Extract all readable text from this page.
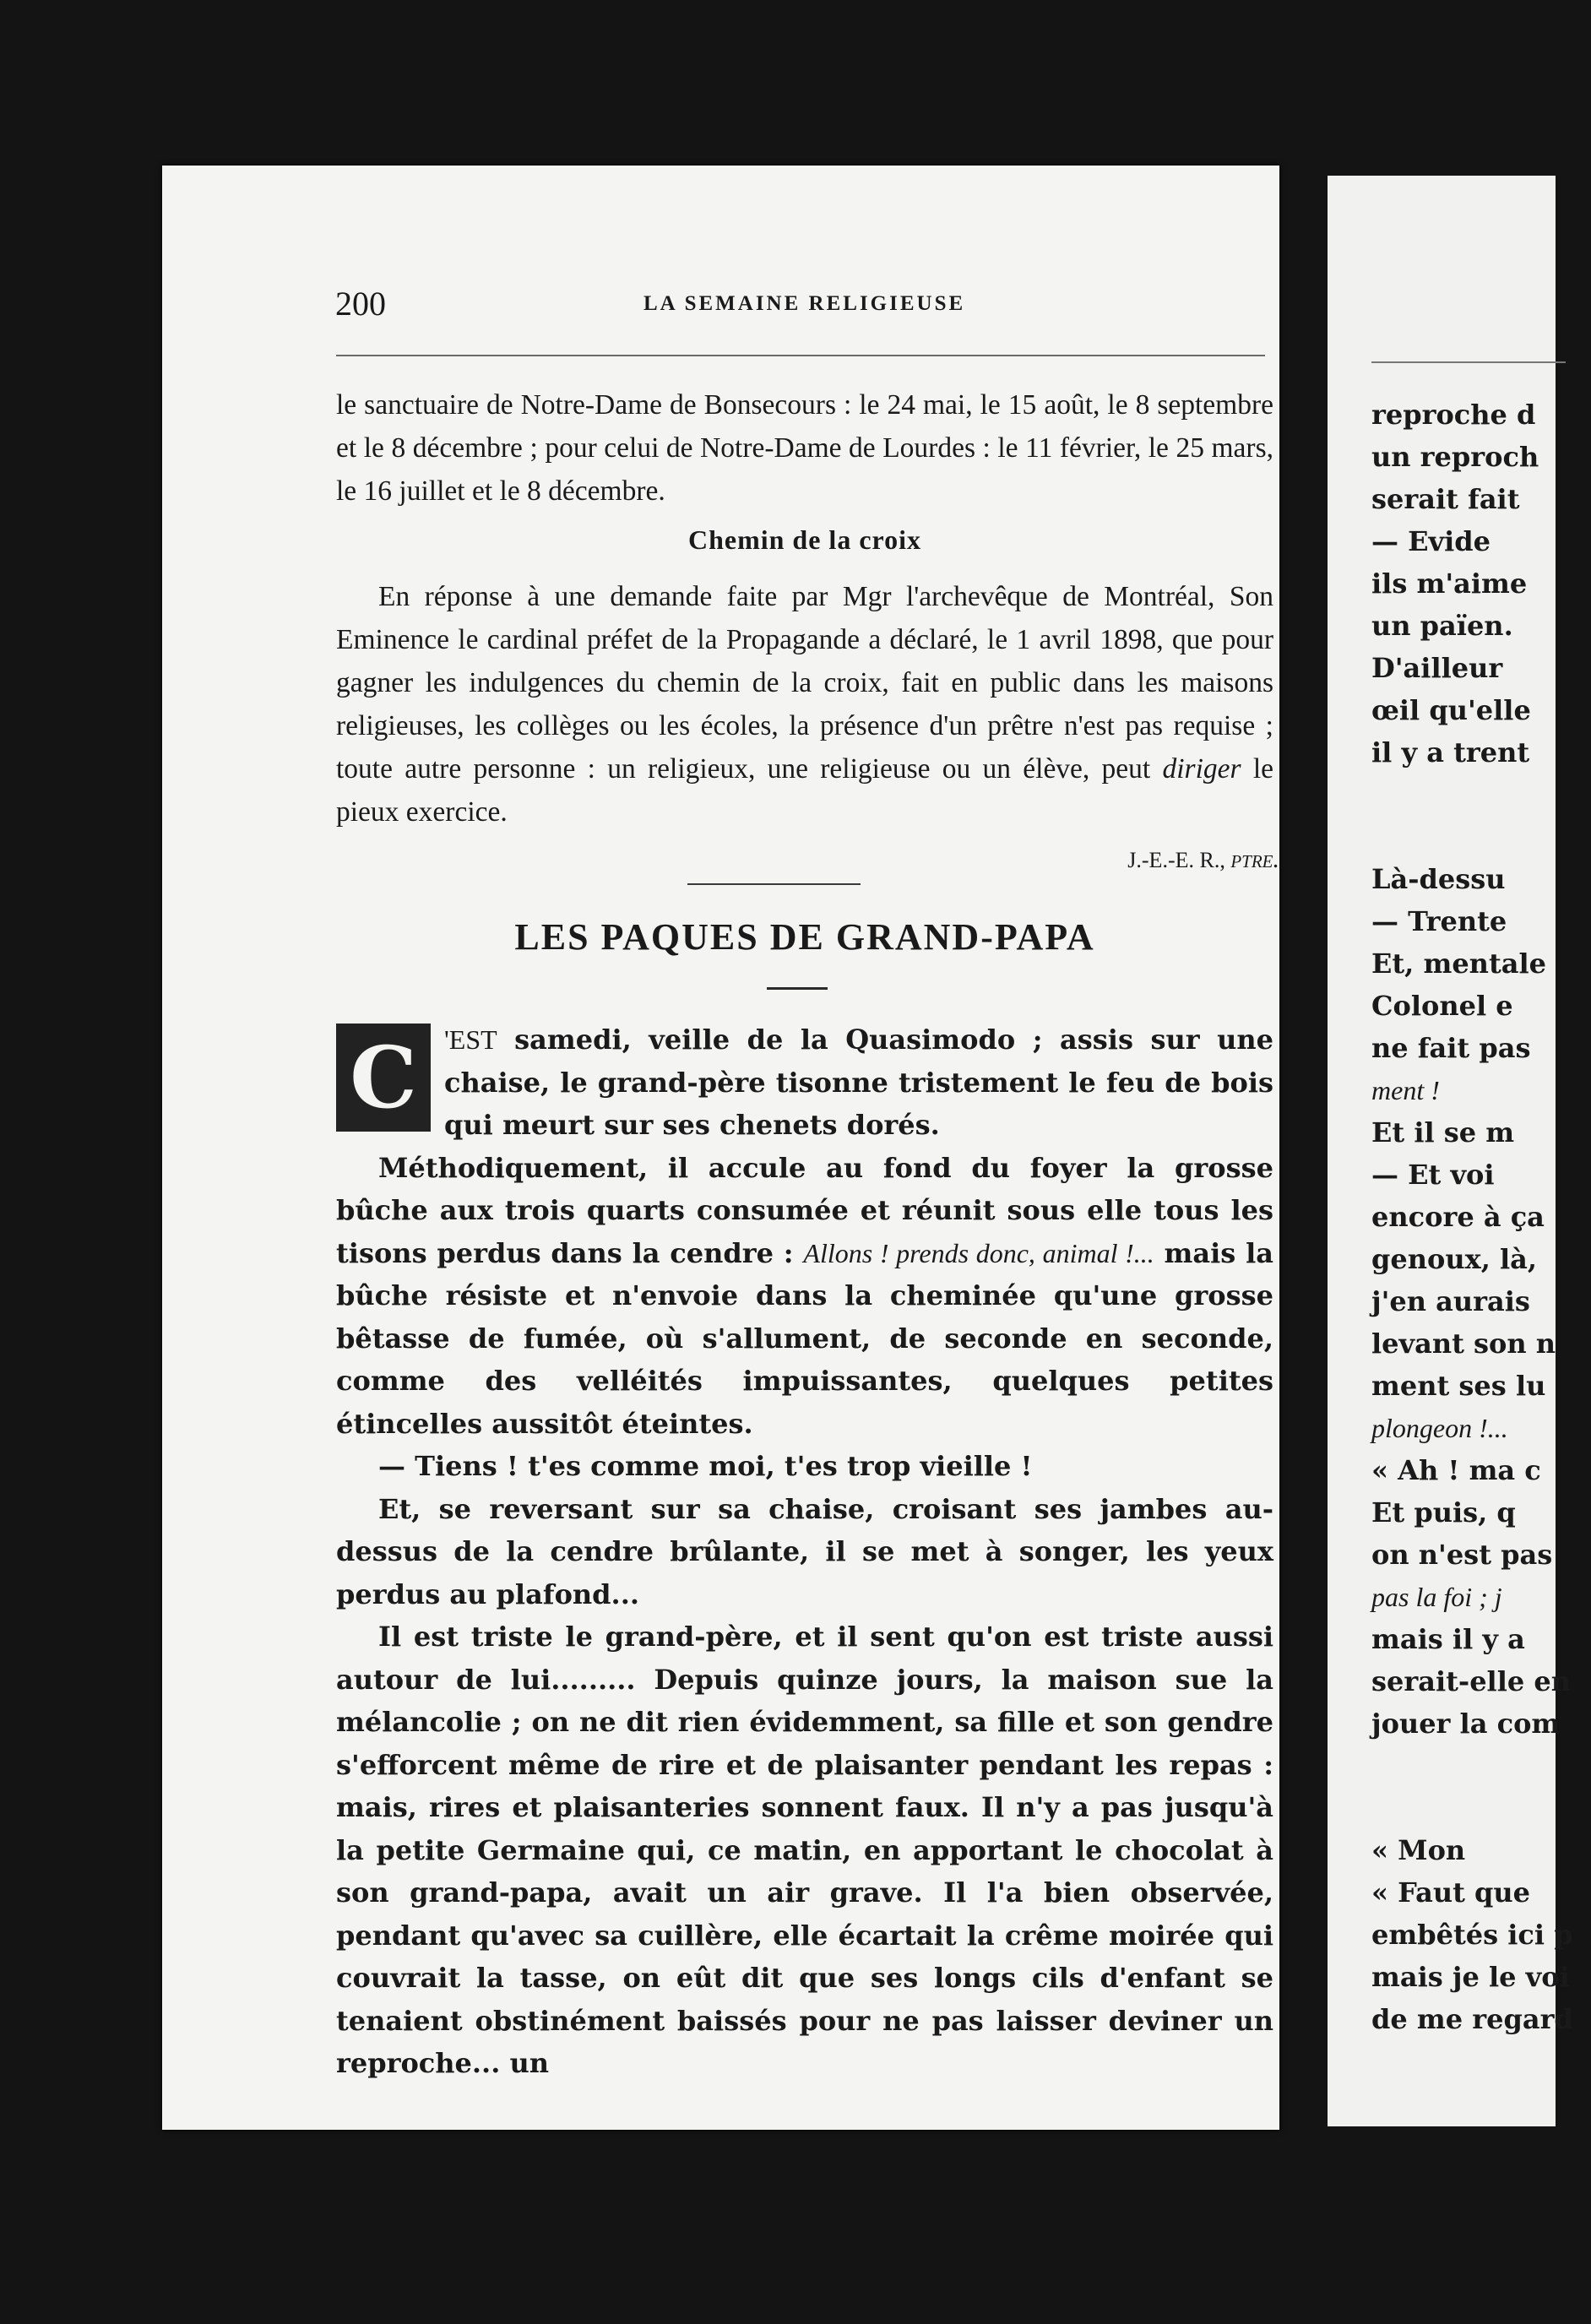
200	LA SEMAINE RELIGIEUSE

le sanctuaire de Notre-Dame de Bonsecours : le 24 mai, le 15 août, le 8 septembre et le 8 décembre ; pour celui de Notre-Dame de Lourdes : le 11 février, le 25 mars, le 16 juillet et le 8 décembre.

Chemin de la croix

En réponse à une demande faite par Mgr l'archevêque de Montréal, Son Eminence le cardinal préfet de la Propagande a déclaré, le 1 avril 1898, que pour gagner les indulgences du chemin de la croix, fait en public dans les maisons religieuses, les collèges ou les écoles, la présence d'un prêtre n'est pas requise ; toute autre personne : un religieux, une religieuse ou un élève, peut diriger le pieux exercice.

J.-E.-E. R., ptre.
LES PAQUES DE GRAND-PAPA

C	'EST samedi, veille de la Quasimodo ; assis sur une chaise, le grand-père tisonne tristement le feu de bois qui meurt sur ses chenets dorés.

Méthodiquement, il accule au fond du foyer la grosse bûche aux trois quarts consumée et réunit sous elle tous les tisons perdus dans la cendre : Allons ! prends donc, animal !... mais la bûche résiste et n'envoie dans la cheminée qu'une grosse bêtasse de fumée, où s'allument, de seconde en seconde, comme des velléités impuissantes, quelques petites étincelles aussitôt éteintes.

— Tiens ! t'es comme moi, t'es trop vieille !

Et, se reversant sur sa chaise, croisant ses jambes au-dessus de la cendre brûlante, il se met à songer, les yeux perdus au plafond...

Il est triste le grand-père, et il sent qu'on est triste aussi autour de lui......... Depuis quinze jours, la maison sue la mélancolie ; on ne dit rien évidemment, sa fille et son gendre s'efforcent même de rire et de plaisanter pendant les repas : mais, rires et plaisanteries sonnent faux. Il n'y a pas jusqu'à la petite Germaine qui, ce matin, en apportant le chocolat à son grand-papa, avait un air grave. Il l'a bien observée, pendant qu'avec sa cuillère, elle écartait la crême moirée qui couvrait la tasse, on eût dit que ses longs cils d'enfant se tenaient obstinément baissés pour ne pas laisser deviner un reproche... un

reproche d
un reproch
serait fait
— Evide
ils m'aime
un païen.
D'ailleur
œil qu'elle
il y a trent
Là-dessu
— Trente
Et, mentale
Colonel e
ne fait pas
ment !
Et il se m
— Et voi
encore à ça
genoux, là,
j'en aurais
levant son n
ment ses lu
plongeon !...
« Ah ! ma c
Et puis, q
on n'est pas
pas la foi ; j
mais il y a
serait-elle en
jouer la com
« Mon
« Faut que
embêtés ici p
mais je le voi
de me regard
